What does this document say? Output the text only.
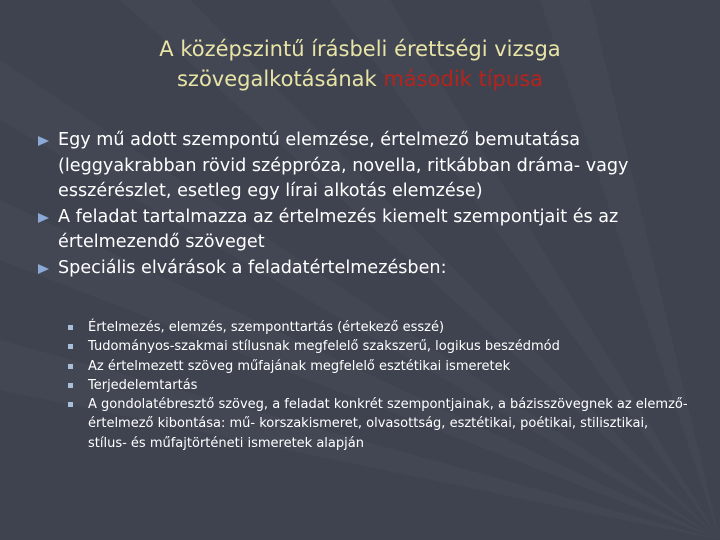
A középszintű írásbeli érettségi vizsga
szövegalkotásának második típusa
Egy mű adott szempontú elemzése, értelmező bemutatása (leggyakrabban rövid széppróza, novella, ritkábban dráma- vagy esszérészlet, esetleg egy lírai alkotás elemzése)
A feladat tartalmazza az értelmezés kiemelt szempontjait és az értelmezendő szöveget
Speciális elvárások a feladatértelmezésben:
Értelmezés, elemzés, szemponttartás (értekező esszé)
Tudományos-szakmai stílusnak megfelelő szakszerű, logikus beszédmód
Az értelmezett szöveg műfajának megfelelő esztétikai ismeretek
Terjedelemtartás
A gondolatébresztő szöveg, a feladat konkrét szempontjainak, a bázisszövegnek az elemző-értelmező kibontása: mű- korszakismeret, olvasottság, esztétikai, poétikai, stilisztikai, stílus- és műfajtörténeti ismeretek alapján
